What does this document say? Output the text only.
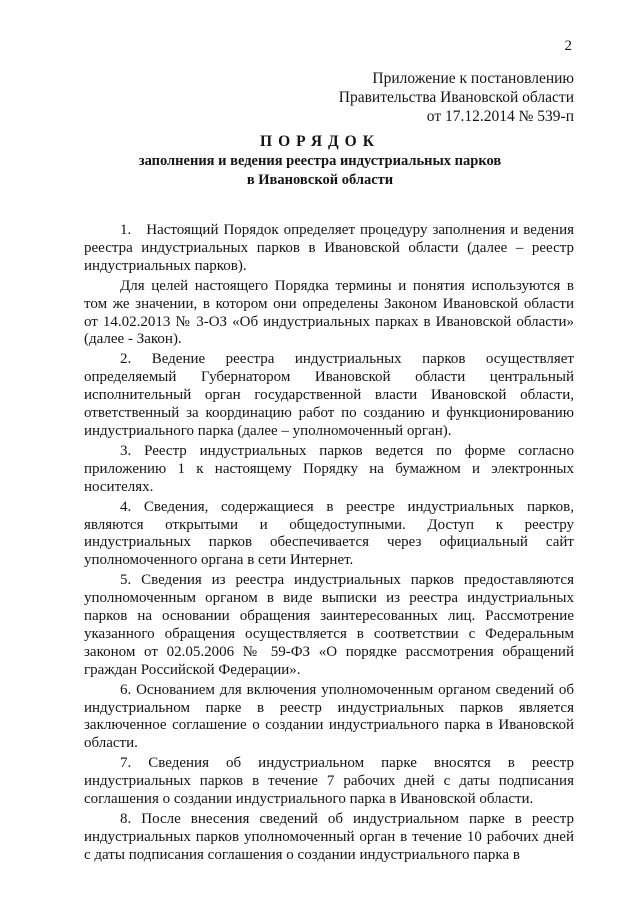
2
Приложение к постановлению
Правительства Ивановской области
от 17.12.2014 № 539-п
ПОРЯДОК
заполнения и ведения реестра индустриальных парков
в Ивановской области

1. Настоящий Порядок определяет процедуру заполнения и ведения реестра индустриальных парков в Ивановской области (далее – реестр индустриальных парков).

Для целей настоящего Порядка термины и понятия используются в том же значении, в котором они определены Законом Ивановской области от 14.02.2013 № 3-ОЗ «Об индустриальных парках в Ивановской области» (далее - Закон).

2. Ведение реестра индустриальных парков осуществляет определяемый Губернатором Ивановской области центральный исполнительный орган государственной власти Ивановской области, ответственный за координацию работ по созданию и функционированию индустриального парка (далее – уполномоченный орган).

3. Реестр индустриальных парков ведется по форме согласно приложению 1 к настоящему Порядку на бумажном и электронных носителях.

4. Сведения, содержащиеся в реестре индустриальных парков, являются открытыми и общедоступными. Доступ к реестру индустриальных парков обеспечивается через официальный сайт уполномоченного органа в сети Интернет.

5. Сведения из реестра индустриальных парков предоставляются уполномоченным органом в виде выписки из реестра индустриальных парков на основании обращения заинтересованных лиц. Рассмотрение указанного обращения осуществляется в соответствии с Федеральным законом от 02.05.2006 № 59-ФЗ «О порядке рассмотрения обращений граждан Российской Федерации».

6. Основанием для включения уполномоченным органом сведений об индустриальном парке в реестр индустриальных парков является заключенное соглашение о создании индустриального парка в Ивановской области.

7. Сведения об индустриальном парке вносятся в реестр индустриальных парков в течение 7 рабочих дней с даты подписания соглашения о создании индустриального парка в Ивановской области.

8. После внесения сведений об индустриальном парке в реестр индустриальных парков уполномоченный орган в течение 10 рабочих дней с даты подписания соглашения о создании индустриального парка в
